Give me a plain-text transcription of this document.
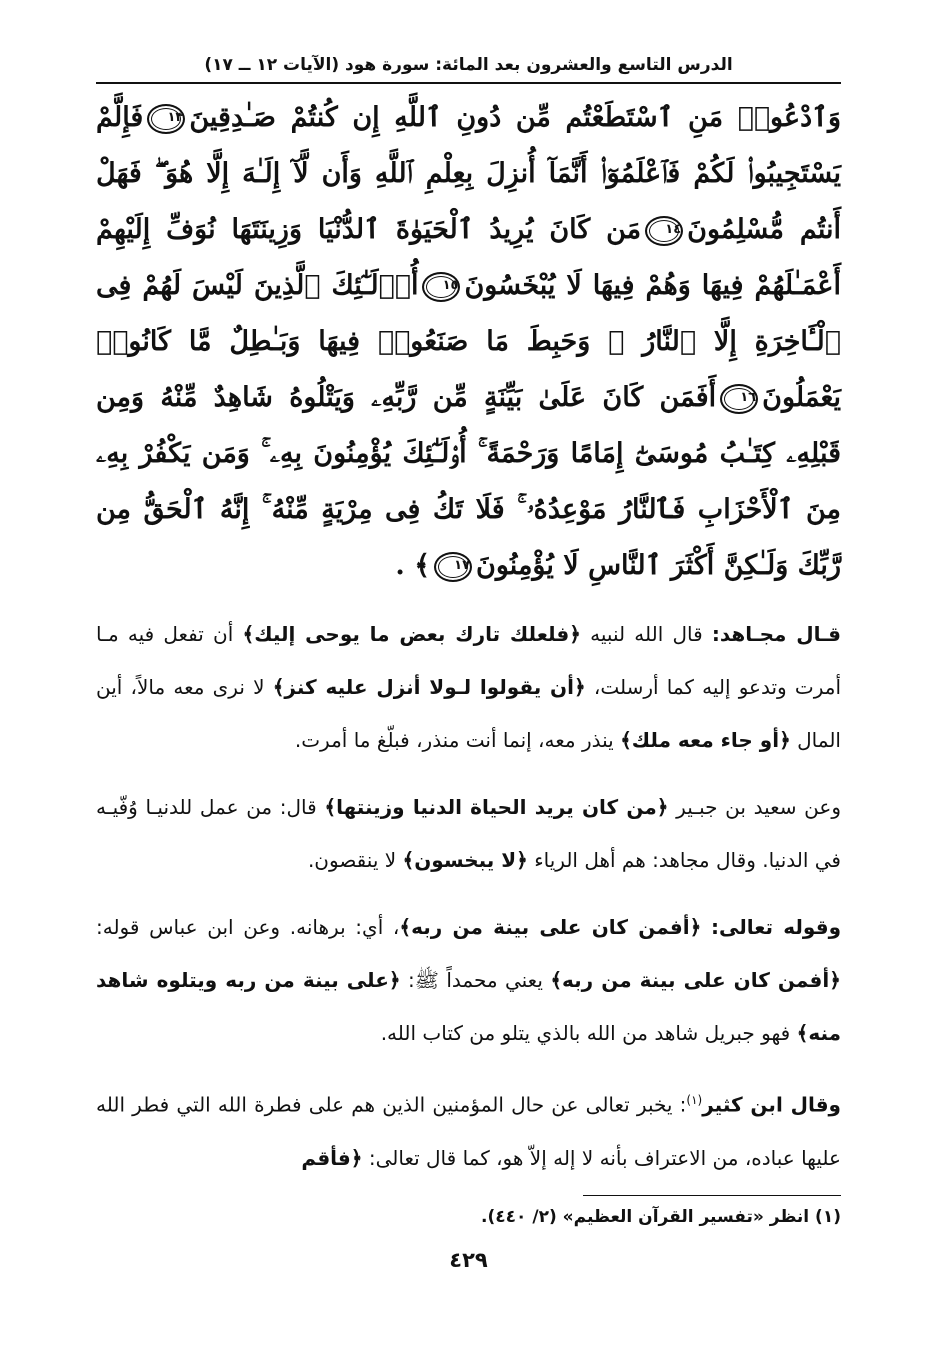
الدرس التاسع والعشرون بعد المائة: سورة هود (الآيات ١٢ ــ ١٧)

وَٱدْعُوا۟ مَنِ ٱسْتَطَعْتُم مِّن دُونِ ٱللَّهِ إِن كُنتُمْ صَـٰدِقِينَ١٣فَإِلَّمْ يَسْتَجِيبُوا۟ لَكُمْ فَٱعْلَمُوٓا۟ أَنَّمَآ أُنزِلَ بِعِلْمِ ٱللَّهِ وَأَن لَّآ إِلَـٰهَ إِلَّا هُوَ ۖ فَهَلْ أَنتُم مُّسْلِمُونَ١٤مَن كَانَ يُرِيدُ ٱلْحَيَوٰةَ ٱلدُّنْيَا وَزِينَتَهَا نُوَفِّ إِلَيْهِمْ أَعْمَـٰلَهُمْ فِيهَا وَهُمْ فِيهَا لَا يُبْخَسُونَ١٥أُو۟لَـٰٓئِكَ ٱلَّذِينَ لَيْسَ لَهُمْ فِى ٱلْـَٔاخِرَةِ إِلَّا ٱلنَّارُ ۖ وَحَبِطَ مَا صَنَعُوا۟ فِيهَا وَبَـٰطِلٌ مَّا كَانُوا۟ يَعْمَلُونَ١٦أَفَمَن كَانَ عَلَىٰ بَيِّنَةٍ مِّن رَّبِّهِۦ وَيَتْلُوهُ شَاهِدٌ مِّنْهُ وَمِن قَبْلِهِۦ كِتَـٰبُ مُوسَىٰٓ إِمَامًا وَرَحْمَةً ۚ أُو۟لَـٰٓئِكَ يُؤْمِنُونَ بِهِۦ ۚ وَمَن يَكْفُرْ بِهِۦ مِنَ ٱلْأَحْزَابِ فَٱلنَّارُ مَوْعِدُهُۥ ۚ فَلَا تَكُ فِى مِرْيَةٍ مِّنْهُ ۚ إِنَّهُ ٱلْحَقُّ مِن رَّبِّكَ وَلَـٰكِنَّ أَكْثَرَ ٱلنَّاسِ لَا يُؤْمِنُونَ١٧﴾ .

قـال مجـاهد: قال الله لنبيه ﴿فلعلك تارك بعض ما يوحى إليك﴾ أن تفعل فيه مـا أمرت وتدعو إليه كما أرسلت، ﴿أن يقولوا لـولا أنزل عليه كنز﴾ لا نرى معه مالاً، أين المال ﴿أو جاء معه ملك﴾ ينذر معه، إنما أنت منذر، فبلّغ ما أمرت.

وعن سعيد بن جبـير ﴿من كان يريد الحياة الدنيا وزينتها﴾ قال: من عمل للدنيـا وُفّيـه في الدنيا. وقال مجاهد: هم أهل الرياء ﴿لا يبخسون﴾ لا ينقصون.

وقوله تعالى: ﴿أفمن كان على بينة من ربه﴾، أي: برهانه. وعن ابن عباس قوله: ﴿أفمن كان على بينة من ربه﴾ يعني محمداً ﷺ: ﴿على بينة من ربه ويتلوه شاهد منه﴾ فهو جبريل شاهد من الله بالذي يتلو من كتاب الله.

وقال ابن كثير$^{(١)}$: يخبر تعالى عن حال المؤمنين الذين هم على فطرة الله التي فطر الله عليها عباده، من الاعتراف بأنه لا إله إلاّ هو، كما قال تعالى: ﴿فأقم

(١) انظر «تفسير القرآن العظيم» (٢/ ٤٤٠).

٤٢٩
